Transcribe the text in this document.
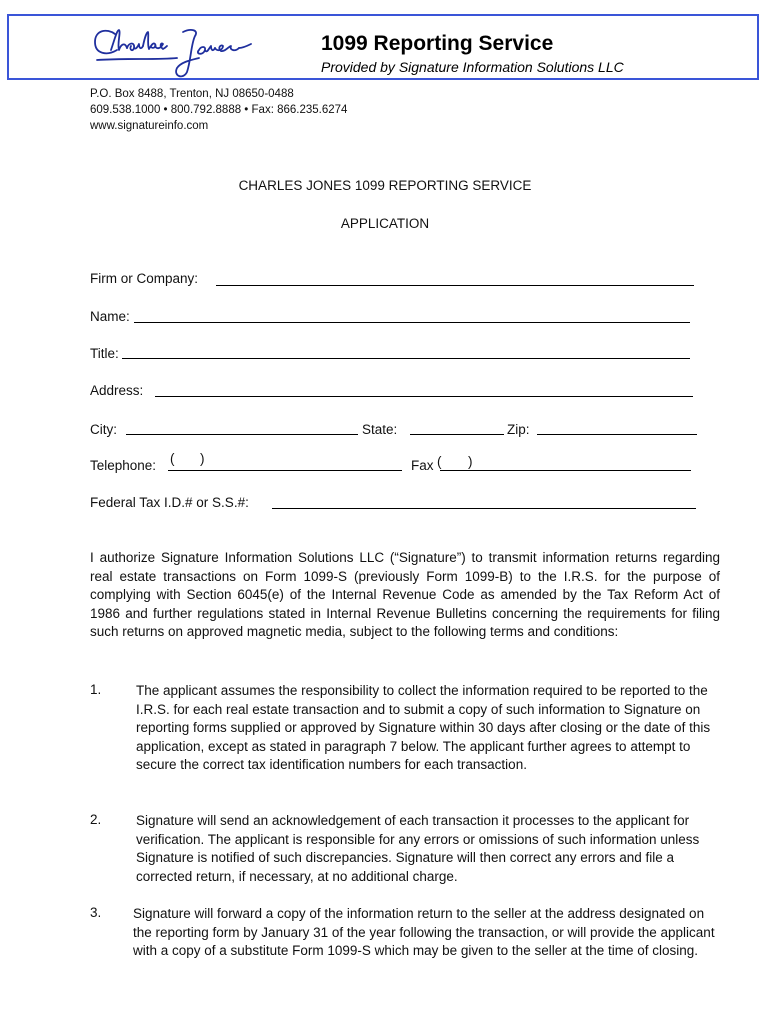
1099 Reporting Service
Provided by Signature Information Solutions LLC
P.O. Box 8488, Trenton, NJ 08650-0488
609.538.1000 • 800.792.8888 • Fax: 866.235.6274
www.signatureinfo.com
CHARLES JONES 1099 REPORTING SERVICE
APPLICATION
Firm or Company:
Name:
Title:
Address:
City:	State:	Zip:
Telephone: ( )	Fax ( )
Federal Tax I.D.# or S.S.#:
I authorize Signature Information Solutions LLC (“Signature”) to transmit information returns regarding real estate transactions on Form 1099-S (previously Form 1099-B) to the I.R.S. for the purpose of complying with Section 6045(e) of the Internal Revenue Code as amended by the Tax Reform Act of 1986 and further regulations stated in Internal Revenue Bulletins concerning the requirements for filing such returns on approved magnetic media, subject to the following terms and conditions:
1.	The applicant assumes the responsibility to collect the information required to be reported to the I.R.S. for each real estate transaction and to submit a copy of such information to Signature on reporting forms supplied or approved by Signature within 30 days after closing or the date of this application, except as stated in paragraph 7 below. The applicant further agrees to attempt to secure the correct tax identification numbers for each transaction.
2.	Signature will send an acknowledgement of each transaction it processes to the applicant for verification. The applicant is responsible for any errors or omissions of such information unless Signature is notified of such discrepancies. Signature will then correct any errors and file a corrected return, if necessary, at no additional charge.
3. Signature will forward a copy of the information return to the seller at the address designated on the reporting form by January 31 of the year following the transaction, or will provide the applicant with a copy of a substitute Form 1099-S which may be given to the seller at the time of closing.
